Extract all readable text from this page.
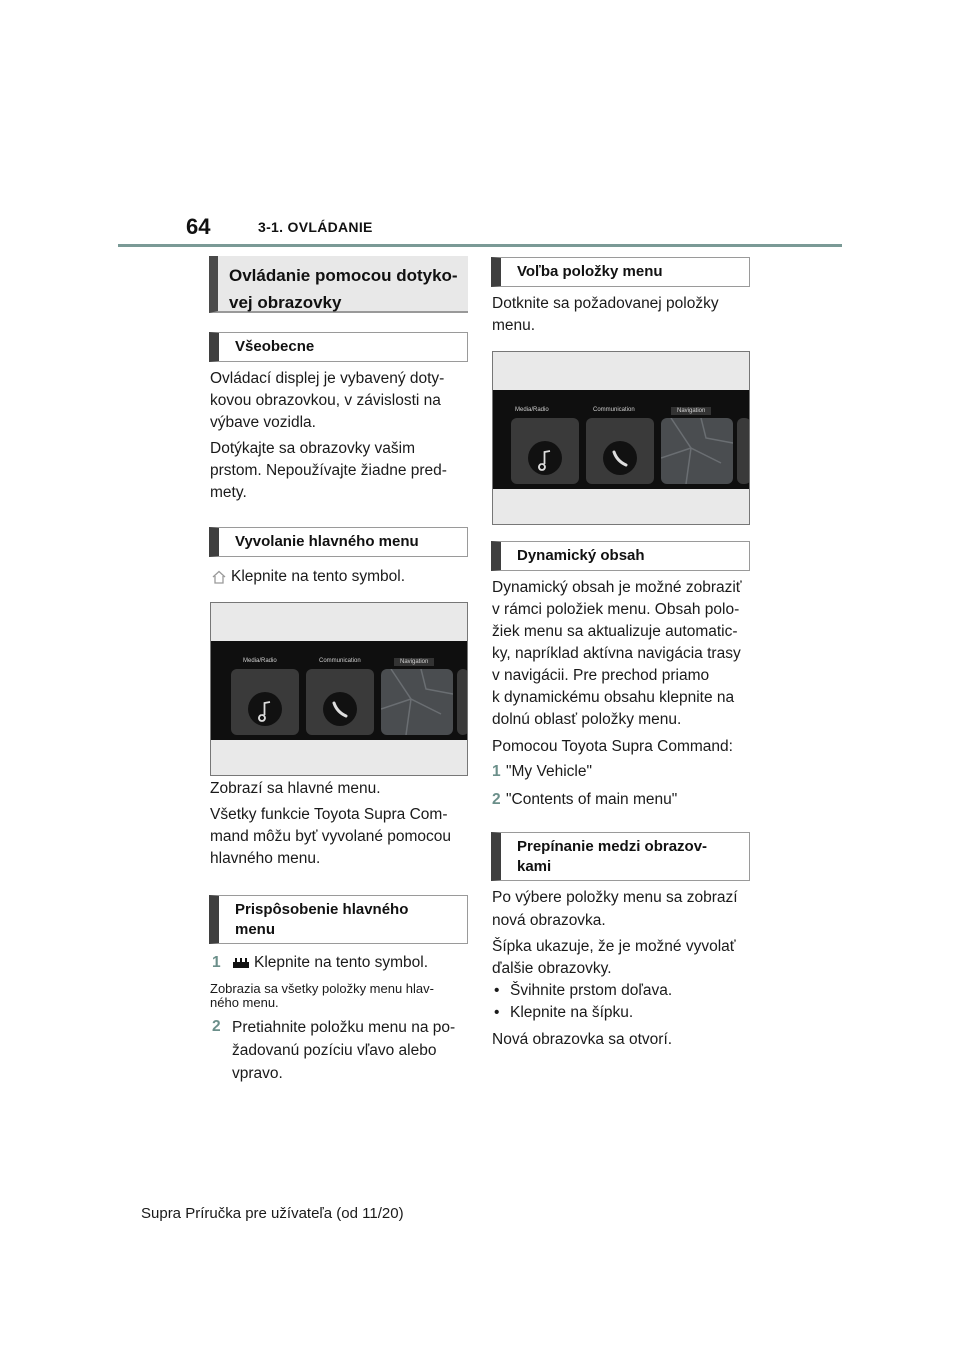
64	3-1. OVLÁDANIE
Ovládanie pomocou dotyko-
vej obrazovky
Všeobecne
Ovládací displej je vybavený doty-
kovou obrazovkou, v závislosti na
výbave vozidla.
Dotýkajte sa obrazovky vašim
prstom. Nepoužívajte žiadne pred-
mety.
Vyvolanie hlavného menu
Klepnite na tento symbol.
Media/Radio	Communication	Navigation
Zobrazí sa hlavné menu.
Všetky funkcie Toyota Supra Com-
mand môžu byť vyvolané pomocou
hlavného menu.
Prispôsobenie hlavného
menu
1	Klepnite na tento symbol.
Zobrazia sa všetky položky menu hlav-
ného menu.
2 Pretiahnite položku menu na po-
žadovanú pozíciu vľavo alebo
vpravo.
Voľba položky menu
Dotknite sa požadovanej položky
menu.
Media/Radio	Communication	Navigation
Dynamický obsah
Dynamický obsah je možné zobraziť
v rámci položiek menu. Obsah polo-
žiek menu sa aktualizuje automatic-
ky, napríklad aktívna navigácia trasy
v navigácii. Pre prechod priamo
k dynamickému obsahu klepnite na
dolnú oblasť položky menu.
Pomocou Toyota Supra Command:
1 "My Vehicle"
2 "Contents of main menu"
Prepínanie medzi obrazov-
kami
Po výbere položky menu sa zobrazí
nová obrazovka.
Šípka ukazuje, že je možné vyvolať
ďalšie obrazovky.
• Švihnite prstom doľava.
• Klepnite na šípku.
Nová obrazovka sa otvorí.
Supra Príručka pre užívateľa (od 11/20)
